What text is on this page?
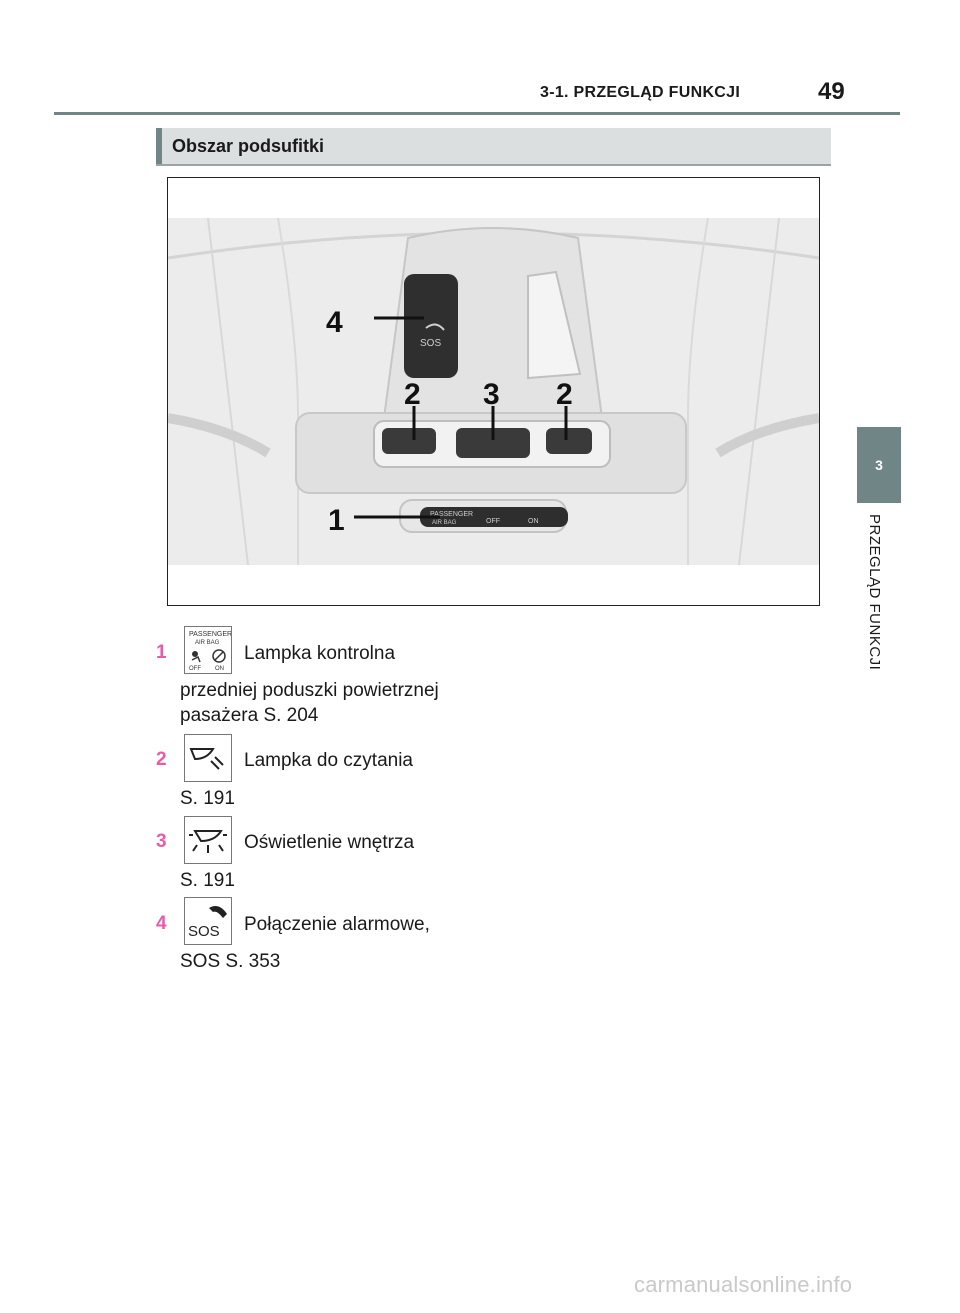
3-1. PRZEGLĄD FUNKCJI	49
Obszar podsufitki
PASSENGER
AIR BAG	OFF	ON
SOS
4
2 3 2
1
3
PRZEGLĄD FUNKCJI
1
PASSENGER
AIR BAG
OFF ON
Lampka kontrolna
przedniej poduszki powietrznej
pasażera S. 204
2	Lampka do czytania
S. 191
3	Oświetlenie wnętrza
S. 191
4 SOS Połączenie alarmowe,
SOS S. 353
carmanualsonline.info
